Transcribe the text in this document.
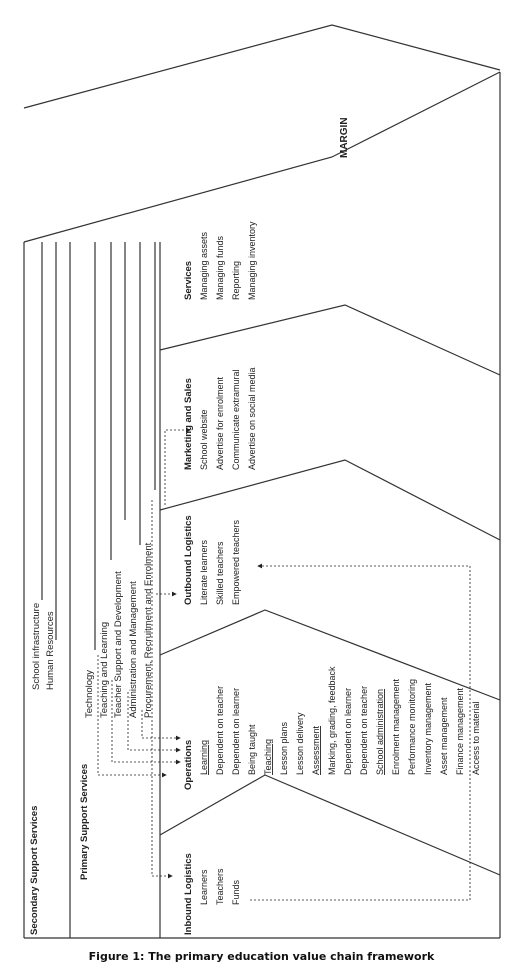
MARGIN
Secondary Support Services
School infrastructure Human Resources
Primary Support Services
Technology Teaching and Learning Teacher Support and Development Administration and Management Procurement, Recruitment and Enrolment
Inbound Logistics Learners Teachers Funds
Operations Learning Dependent on teacher Dependent on learner Being taught Teaching Lesson plans Lesson delivery Assessment Marking, grading, feedback Dependent on learner Dependent on teacher School administration Enrolment management Performance monitoring Inventory management Asset management Finance management Access to material
Outbound Logistics Literate learners Skilled teachers Empowered teachers
Marketing and Sales School website Advertise for enrolment Communicate extramural Advertise on social media
Services Managing assets Managing funds Reporting Managing inventory
Figure 1: The primary education value chain framework
